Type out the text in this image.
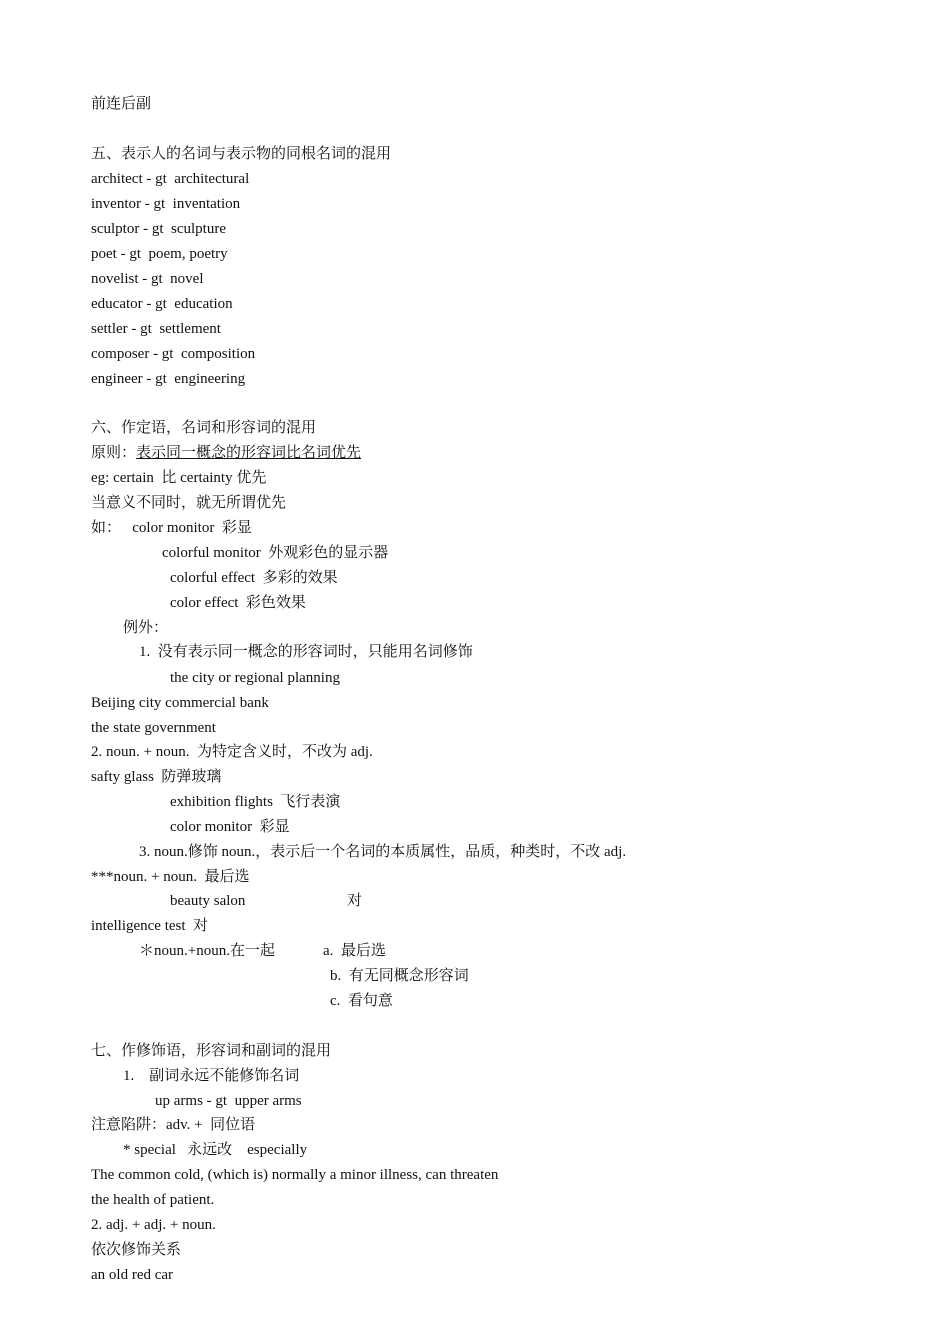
前连后副
五、表示人的名词与表示物的同根名词的混用
architect - gt  architectural
inventor - gt  inventation
sculptor - gt  sculpture
poet - gt  poem, poetry
novelist - gt  novel
educator - gt  education
settler - gt  settlement
composer - gt  composition
engineer - gt  engineering
六、作定语，名词和形容词的混用
原则：表示同一概念的形容词比名词优先
eg: certain  比 certainty 优先
当意义不同时，就无所谓优先
如：   color monitor  彩显
colorful monitor  外观彩色的显示器
colorful effect  多彩的效果
color effect  彩色效果
例外：
1.  没有表示同一概念的形容词时，只能用名词修饰
the city or regional planning
Beijing city commercial bank
the state government
2. noun. + noun.  为特定含义时，不改为 adj.
safty glass  防弹玻璃
exhibition flights  飞行表演
color monitor  彩显
3. noun.修饰 noun.，表示后一个名词的本质属性，品质，种类时，不改 adj.
***noun. + noun.  最后选
beauty salon	对
intelligence test  对
＊noun.+noun.在一起	a.  最后选
b.  有无同概念形容词
c.  看句意
七、作修饰语，形容词和副词的混用
1.    副词永远不能修饰名词
up arms - gt  upper arms
注意陷阱：adv. +  同位语
* special   永远改    especially
The common cold, (which is) normally a minor illness, can threaten
the health of patient.
2. adj. + adj. + noun.
依次修饰关系
an old red car
